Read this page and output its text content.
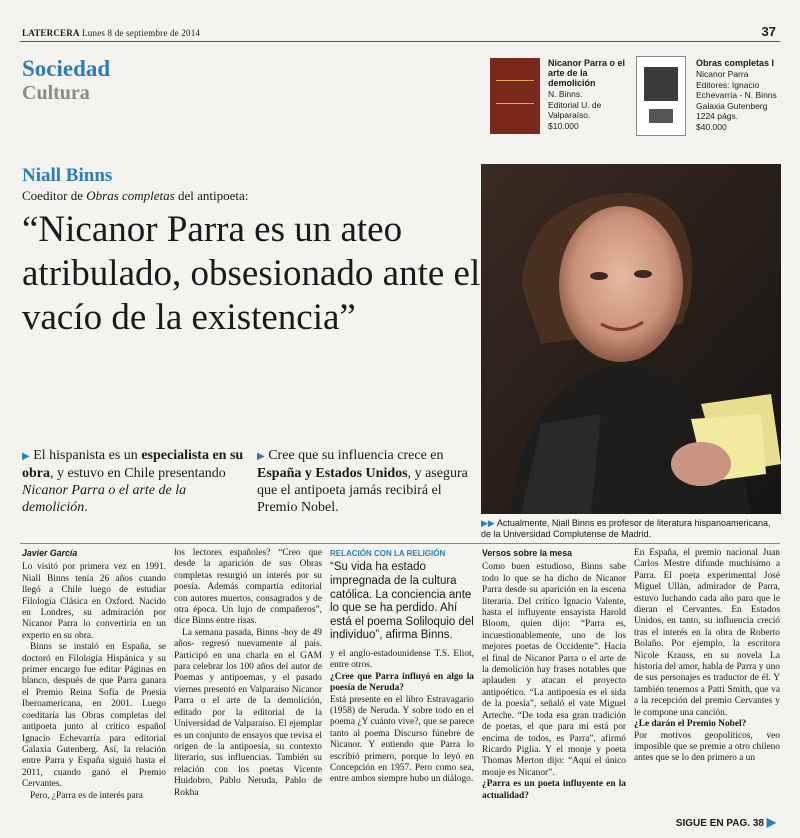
LATERCERA Lunes 8 de septiembre de 2014	37
Sociedad
Cultura
Nicanor Parra o el arte de la demolición
N. Binns.
Editorial U. de Valparaíso.
$10.000
Obras completas I
Nicanor Parra
Editores: Ignacio Echevarría - N. Binns
Galaxia Gutenberg
1224 págs.
$40.000
Niall Binns
Coeditor de Obras completas del antipoeta:
“Nicanor Parra es un ateo atribulado, obsesionado ante el vacío de la existencia”
▶▶ Actualmente, Niall Binns es profesor de literatura hispanoamericana, de la Universidad Complutense de Madrid.
▶ El hispanista es un especialista en su obra, y estuvo en Chile presentando Nicanor Parra o el arte de la demolición.
▶ Cree que su influencia crece en España y Estados Unidos, y asegura que el antipoeta jamás recibirá el Premio Nobel.
Javier García

Lo visitó por primera vez en 1991. Niall Binns tenía 26 años cuando llegó a Chile luego de estudiar Filología Clásica en Oxford. Nacido en Londres, su admiración por Nicanor Parra lo convertiría en un experto en su obra.

Binns se instaló en España, se doctoró en Filología Hispánica y su primer encargo fue editar Páginas en blanco, después de que Parra ganara el Premio Reina Sofía de Poesía Iberoamericana, en 2001. Luego coeditaría las Obras completas del antipoeta junto al crítico español Ignacio Echevarría para editorial Galaxia Gutenberg. Así, la relación entre Parra y España siguió hasta el 2011, cuando ganó el Premio Cervantes.

Pero, ¿Parra es de interés para

los lectores españoles? “Creo que desde la aparición de sus Obras completas resurgió un interés por su poesía. Además compartía editorial con autores muertos, consagrados y de otra época. Un lujo de compañeros”, dice Binns entre risas.

La semana pasada, Binns -hoy de 49 años- regresó nuevamente al país. Participó en una charla en el GAM para celebrar los 100 años del autor de Poemas y antipoemas, y el pasado viernes presentó en Valparaíso Nicanor Parra o el arte de la demolición, editado por la editorial de la Universidad de Valparaíso. El ejemplar es un conjunto de ensayos que revisa el origen de la antipoesía, su contexto literario, sus influencias. También su relación con los poetas Vicente Huidobro, Pablo Neruda, Pablo de Rokha

RELACIÓN CON LA RELIGIÓN
“Su vida ha estado impregnada de la cultura católica. La conciencia ante lo que se ha perdido. Ahí está el poema Soliloquio del individuo”, afirma Binns.

y el anglo-estadounidense T.S. Eliot, entre otros.

¿Cree que Parra influyó en algo la poesía de Neruda?

Está presente en el libro Estravagario (1958) de Neruda. Y sobre todo en el poema ¿Y cuánto vive?, que se parece tanto al poema Discurso fúnebre de Nicanor. Y entiendo que Parra lo escribió primero, porque lo leyó en Concepción en 1957. Pero como sea, entre ambos siempre hubo un diálogo.

Versos sobre la mesa

Como buen estudioso, Binns sabe todo lo que se ha dicho de Nicanor Parra desde su aparición en la escena literaria. Del crítico Ignacio Valente, hasta el influyente ensayista Harold Bloom, quien dijo: “Parra es, incuestionablemente, uno de los mejores poetas de Occidente”. Hacia el final de Nicanor Parra o el arte de la demolición hay frases notables que aplauden y atacan el proyecto antipoético. “La antipoesía es el sida de la poesía”, señaló el vate Miguel Arteche. “De toda esa gran tradición de poetas, el que para mí está por encima de todos, es Parra”, afirmó Ricardo Piglia. Y el monje y poeta Thomas Merton dijo: “Aquí el único monje es Nicanor”.

¿Parra es un poeta influyente en la actualidad?

En España, el premio nacional Juan Carlos Mestre difunde muchísimo a Parra. El poeta experimental José Miguel Ullán, admirador de Parra, estuvo luchando cada año para que le dieran el Cervantes. En Estados Unidos, en tanto, su influencia creció tras el interés en la obra de Roberto Bolaño. Por ejemplo, la escritora Nicole Krauss, en su novela La historia del amor, habla de Parra y uno de sus personajes es traductor de él. Y también tenemos a Patti Smith, que va a la recepción del premio Cervantes y le compone una canción.

¿Le darán el Premio Nobel?

Por motivos geopolíticos, veo imposible que se premie a otro chileno antes que se lo den primero a un

SIGUE EN PAG. 38 ▶
